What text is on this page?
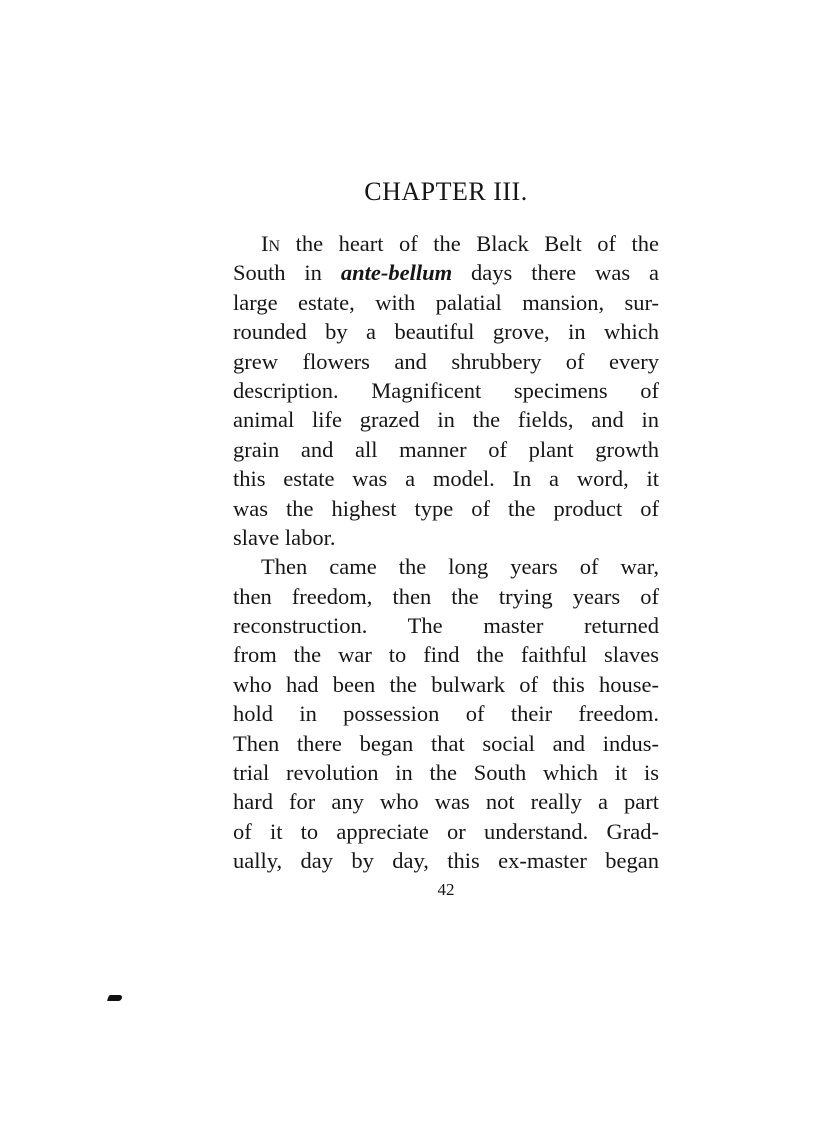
CHAPTER III.
In the heart of the Black Belt of the
South in ante-bellum days there was a
large estate, with palatial mansion, sur-
rounded by a beautiful grove, in which
grew flowers and shrubbery of every
description. Magnificent specimens of
animal life grazed in the fields, and in
grain and all manner of plant growth
this estate was a model. In a word, it
was the highest type of the product of
slave labor.
Then came the long years of war,
then freedom, then the trying years of
reconstruction. The master returned
from the war to find the faithful slaves
who had been the bulwark of this house-
hold in possession of their freedom.
Then there began that social and indus-
trial revolution in the South which it is
hard for any who was not really a part
of it to appreciate or understand. Grad-
ually, day by day, this ex-master began
42
